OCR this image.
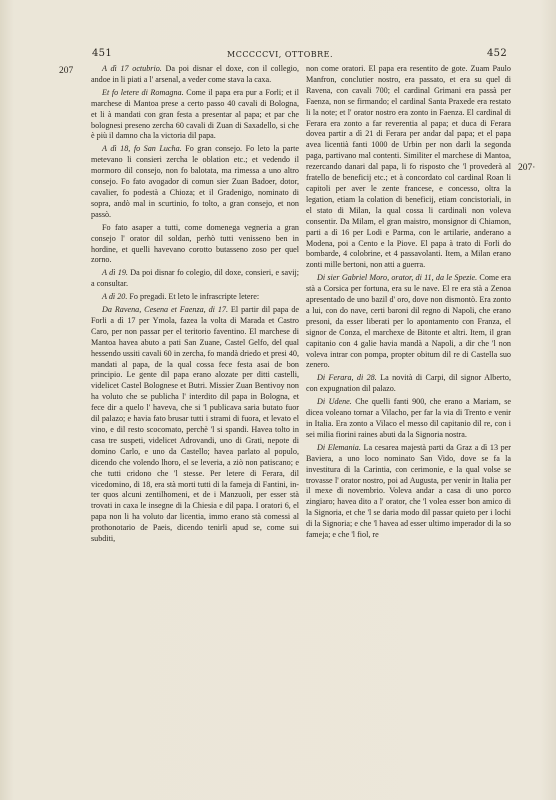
451	MCCCCCVI, OTTOBRE.	452
207
207·

A dì 17 octubrio. Da poi disnar el doxe, con il collegio, andoe in li piati a l' arsenal, a veder come stava la caxa.

Et fo letere di Romagna. Come il papa era pur a Forli; et il marchese di Mantoa prese a certo passo 40 cavali di Bologna, et li à mandati con gran festa a presentar al papa; et par che bolognesi preseno zercha 60 cavali di Zuan di Saxadello, si che è più il damno cha la victoria dil papa.

A dì 18, fo San Lucha. Fo gran consejo. Fo leto la parte metevano li consieri zercha le oblation etc.; et vedendo il mormoro dil consejo, non fo balotata, ma rimessa a uno altro consejo. Fo fato avogador di comun sier Zuan Badoer, dotor, cavalier, fo podestà a Chioza; et il Gradenigo, nominato di sopra, andò mal in scurtinio, fo tolto, a gran consejo, et non passò.

Fo fato asaper a tutti, come domenega vegneria a gran consejo l' orator dil soldan, perhò tutti venisseno ben in hordine, et quelli havevano corotto butasseno zoso per quel zorno.

A dì 19. Da poi disnar fo colegio, dil doxe, consieri, e savij; a consultar.

A dì 20. Fo pregadi. Et leto le infrascripte letere:

Da Ravena, Cesena et Faenza, di 17. El partir dil papa de Forli a dì 17 per Ymola, fazea la volta di Marada et Castro Caro, per non passar per el teritorio faventino. El marchese di Mantoa havea abuto a pati San Zuane, Castel Gelfo, del qual hessendo ussiti cavali 60 in zercha, fo mandà driedo et presi 40, mandati al papa, de la qual cossa fece festa asai de bon principio. Le gente dil papa erano alozate per ditti castelli, videlicet Castel Bolognese et Butri. Missier Zuan Bentivoy non ha voluto che se publicha l' interdito dil papa in Bologna, et fece dir a quelo l' haveva, che si 'l publicava saria butato fuor dil palazo; e havia fato brusar tutti i strami di fuora, et levato el vino, e dil resto scocomato, perchè 'l si spandi. Havea tolto in casa tre suspeti, videlicet Adrovandi, uno di Grati, nepote di domino Carlo, e uno da Castello; havea parlato al populo, dicendo che volendo lhoro, el se leveria, a ziò non patiscano; e che tutti cridono che 'l stesse. Per letere di Ferara, dil vicedomino, di 18, era stà morti tutti di la fameja di Fantini, in-ter quos alcuni zentilhomeni, et de i Manzuoli, per esser stà trovati in caxa le insegne di la Chiesia e dil papa. I oratori 6, el papa non li ha voluto dar licentia, immo erano stà comessi al prothonotario de Paeis, dicendo tenirli apud se, come sui subditi,

non come oratori. El papa era resentito de gote. Zuam Paulo Manfron, conclutier nostro, era passato, et era su quel di Ravena, con cavali 700; el cardinal Grimani era passà per Faenza, non se firmando; el cardinal Santa Praxede era restato li la note; et l' orator nostro era zonto in Faenza. El cardinal di Ferara era zonto a far reverentia al papa; et duca di Ferara dovea partir a dì 21 di Ferara per andar dal papa; et el papa avea licentià fanti 1000 de Urbin per non darli la segonda paga, partivano mal contenti. Similiter el marchese di Mantoa, rezercando danari dal papa, li fo risposto che 'l provederà al fratello de beneficij etc.; et à concordato col cardinal Roan li capitoli per aver le zente francese, e concesso, oltra la legation, etiam la colation di beneficij, etiam concistoriali, in el stato di Milan, la qual cossa li cardinali non voleva consentir. Da Milam, el gran maistro, monsignor di Chiamon, parti a dì 16 per Lodi e Parma, con le artilarie, anderano a Modena, poi a Cento e la Piove. El papa à trato di Forli do bombarde, 4 colobrine, et 4 passavolanti. Item, a Milan erano zonti mille bertoni, non atti a guerra.

Di sier Gabriel Moro, orator, di 11, da le Spezie. Come era stà a Corsica per fortuna, era su le nave. El re era stà a Zenoa apresentado de uno bazil d' oro, dove non dismontò. Era zonto a lui, con do nave, certi baroni dil regno di Napoli, che erano presoni, da esser liberati per lo apontamento con Franza, el signor de Conza, el marchexe de Bitonte et altri. Item, il gran capitanio con 4 galie havia mandà a Napoli, a dir che 'l non voleva intrar con pompa, propter obitum dil re di Castella suo zenero.

Di Ferara, di 28. La novità di Carpi, dil signor Alberto, con expugnation dil palazo.

Di Udene. Che quelli fanti 900, che erano a Mariam, se dicea voleano tornar a Vilacho, per far la via di Trento e venir in Italia. Era zonto a Vilaco el messo dil capitanio dil re, con i sei milia fiorini raines abuti da la Signoria nostra.

Di Elemania. La cesarea majestà parti da Graz a dì 13 per Baviera, a uno loco nominato San Vido, dove se fa la investitura di la Carintia, con cerimonie, e la qual volse se trovasse l' orator nostro, poi ad Augusta, per venir in Italia per il mexe di novembrio. Voleva andar a casa di uno porco zingiaro; havea dito a l' orator, che 'l volea esser bon amico di la Signoria, et che 'l se daria modo dil passar quieto per i lochi di la Signoria; e che 'l havea ad esser ultimo imperador di la so fameja; e che 'l fiol, re
